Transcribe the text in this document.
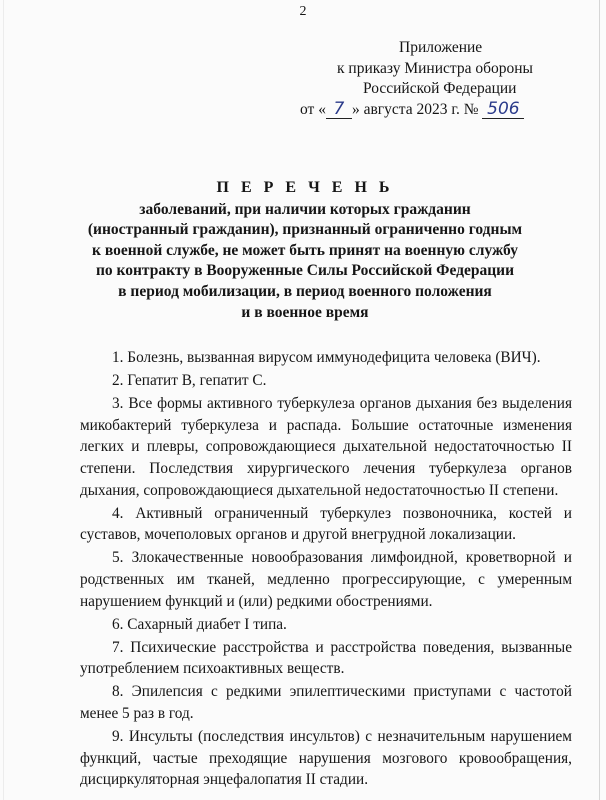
2
Приложение
к приказу Министра обороны
Российской Федерации
от « 7 » августа 2023 г. № 506
П Е Р Е Ч Е Н Ь
заболеваний, при наличии которых гражданин
(иностранный гражданин), признанный ограниченно годным
к военной службе, не может быть принят на военную службу
по контракту в Вооруженные Силы Российской Федерации
в период мобилизации, в период военного положения
и в военное время

1. Болезнь, вызванная вирусом иммунодефицита человека (ВИЧ).

2. Гепатит B, гепатит C.

3. Все формы активного туберкулеза органов дыхания без выделения микобактерий туберкулеза и распада. Большие остаточные изменения легких и плевры, сопровождающиеся дыхательной недостаточностью II степени. Последствия хирургического лечения туберкулеза органов дыхания, сопровождающиеся дыхательной недостаточностью II степени.

4. Активный ограниченный туберкулез позвоночника, костей и суставов, мочеполовых органов и другой внегрудной локализации.

5. Злокачественные новообразования лимфоидной, кроветворной и родственных им тканей, медленно прогрессирующие, с умеренным нарушением функций и (или) редкими обострениями.

6. Сахарный диабет I типа.

7. Психические расстройства и расстройства поведения, вызванные употреблением психоактивных веществ.

8. Эпилепсия с редкими эпилептическими приступами с частотой менее 5 раз в год.

9. Инсульты (последствия инсультов) с незначительным нарушением функций, частые преходящие нарушения мозгового кровообращения, дисциркуляторная энцефалопатия II стадии.
